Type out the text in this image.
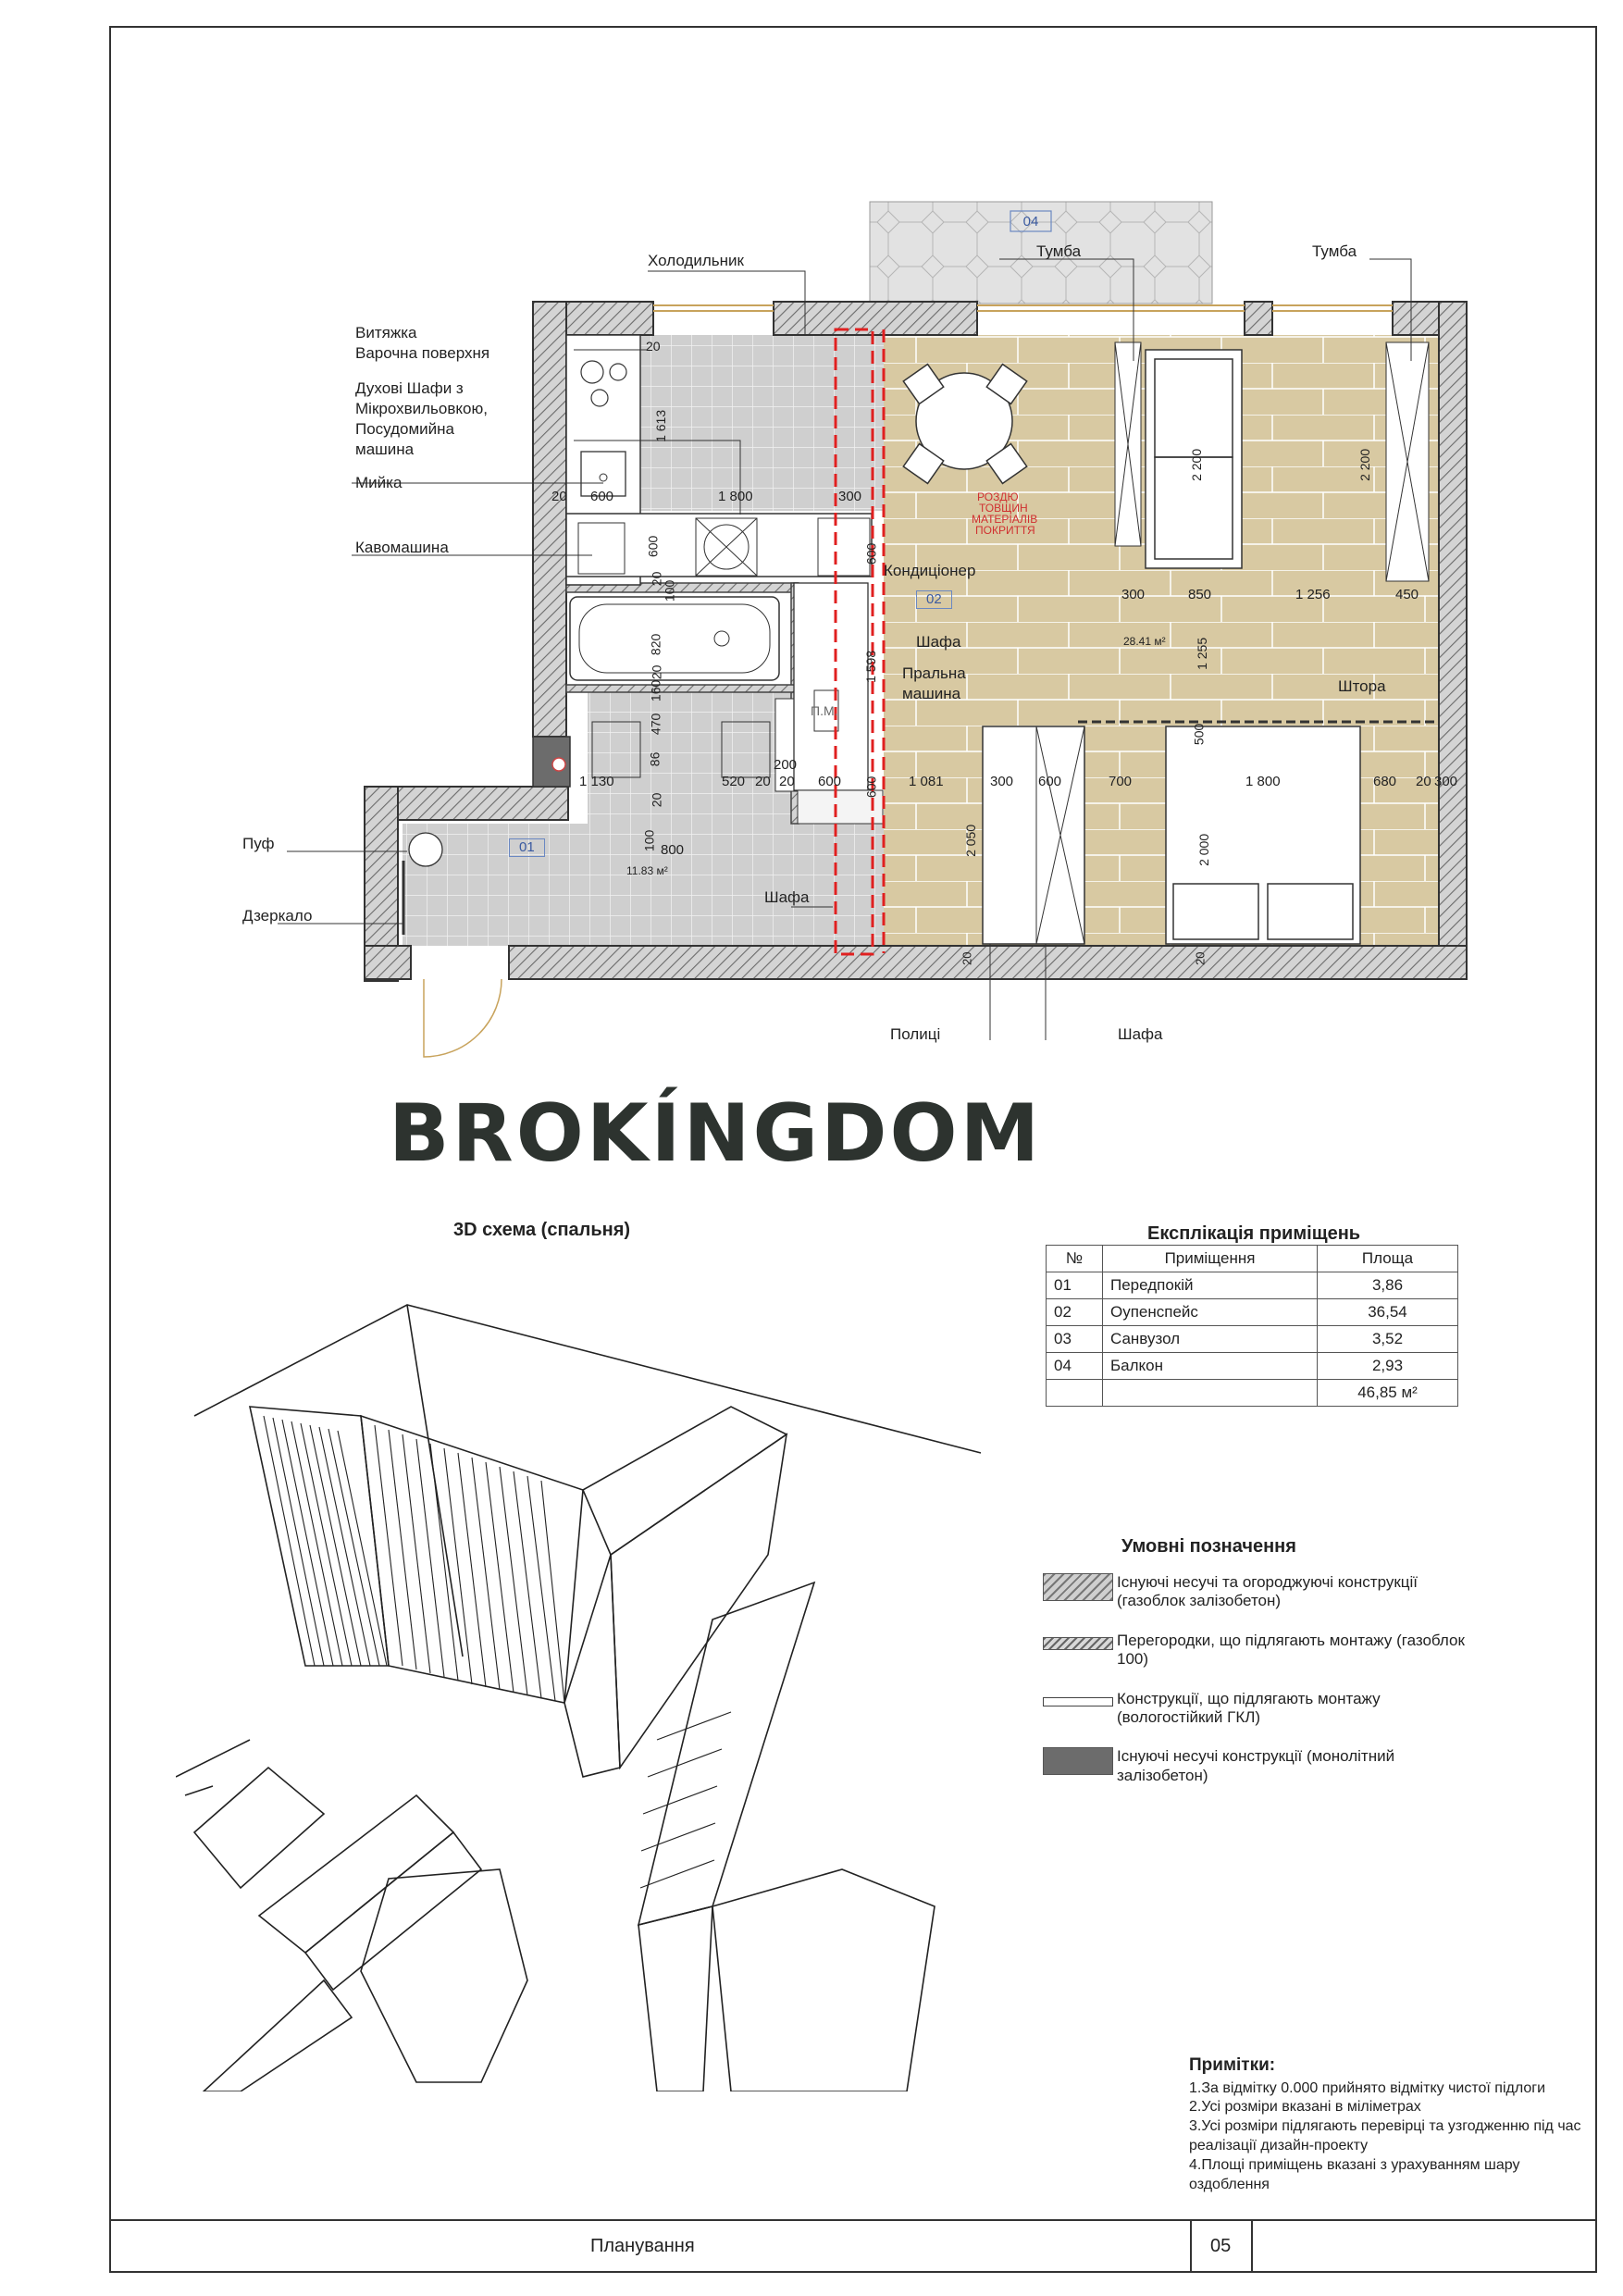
04
Холодильник
Витяжка
Варочна поверхня
Духові Шафи з
Мікрохвильовкою,
Посудомийна
машина
Мийка
Кавомашина
Пуф
Дзеркало
Тумба	Тумба
Кондиціонер
Шафа
Пральна
машина	Штора
Шафа
Полиці	Шафа
РОЗДЮ
ТОВЩИН
МАТЕРІАЛІВ
ПОКРИТТЯ
П.М.
01
11.83 м²
02
28.41 м²
20
1 613
1 800	300
20 600
600
20
100
820
20
160
470
86
20
1 130	520 20 20
200
600 600
1 598
600
800
100
300	850	1 256	450
2 200	2 200
1 255
500
1 081	300 600	700	1 800	680 20 300
2 050	2 000
20	20
BROKÍNGDOM
3D схема (спальня)	Експлікація приміщень
№	Приміщення	Площа
01	Передпокій	3,86
02	Оупенспейс	36,54
03	Санвузол	3,52
04	Балкон	2,93
		46,85 м²
Умовні позначення
Існуючі несучі та огороджуючі конструкції (газоблок залізобетон)
Перегородки, що підлягають монтажу (газоблок 100)
Конструкції, що підлягають монтажу (вологостійкий ГКЛ)
Існуючі несучі конструкції (монолітний залізобетон)
Примітки:

1.За відмітку 0.000 прийнято відмітку чистої підлоги

2.Усі розміри вказані в міліметрах

3.Усі розміри підлягають перевірці та узгодженню під час реалізації дизайн-проекту

4.Площі приміщень вказані з урахуванням шару оздоблення

Планування	05
